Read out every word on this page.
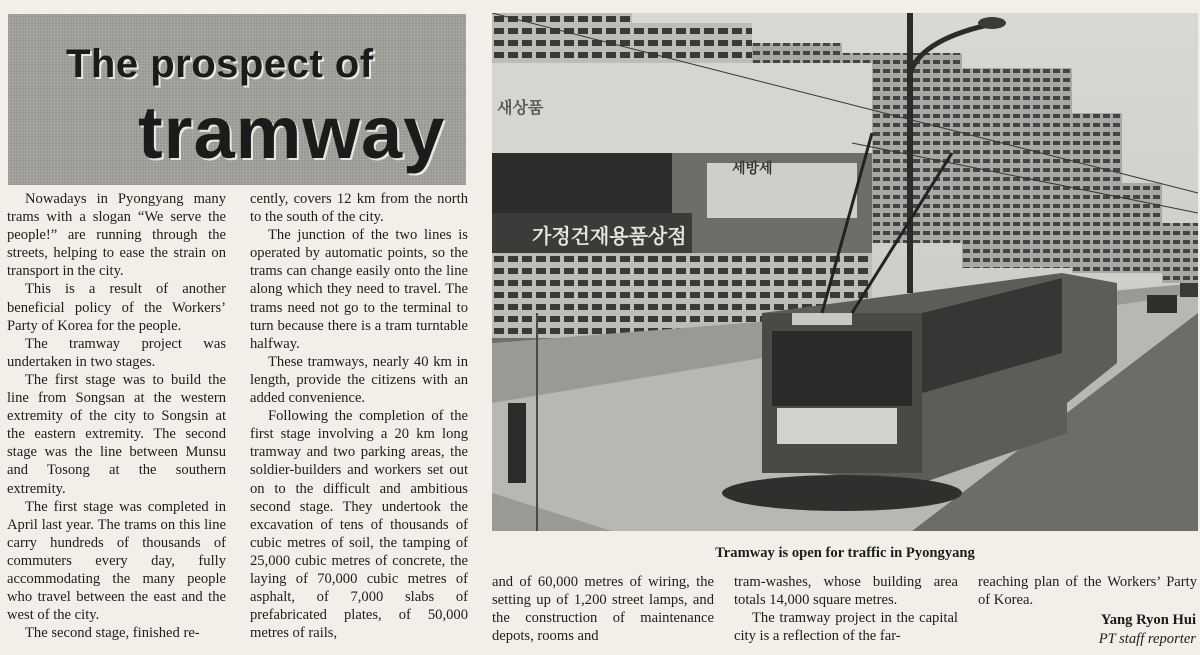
The prospect of
tramway

Nowadays in Pyongyang many trams with a slogan “We serve the people!” are running through the streets, helping to ease the strain on transport in the city.

This is a result of another beneficial policy of the Workers’ Party of Korea for the people.

The tramway project was undertaken in two stages.

The first stage was to build the line from Songsan at the western extremity of the city to Songsin at the eastern extremity. The second stage was the line between Munsu and Tosong at the southern extremity.

The first stage was completed in April last year. The trams on this line carry hundreds of thousands of commuters every day, fully accommodating the many people who travel between the east and the west of the city.

The second stage, finished re-

cently, covers 12 km from the north to the south of the city.

The junction of the two lines is operated by automatic points, so the trams can change easily onto the line along which they need to travel. The trams need not go to the terminal to turn because there is a tram turntable halfway.

These tramways, nearly 40 km in length, provide the citizens with an added convenience.

Following the completion of the first stage involving a 20 km long tramway and two parking areas, the soldier-builders and workers set out on to the difficult and ambitious second stage. They undertook the excavation of tens of thousands of cubic metres of soil, the tamping of 25,000 cubic metres of concrete, the laying of 70,000 cubic metres of asphalt, of 7,000 slabs of prefabricated plates, of 50,000 metres of rails,

가정건재용품상점
세방세
새상품
Tramway is open for traffic in Pyongyang

and of 60,000 metres of wiring, the setting up of 1,200 street lamps, and the construction of maintenance depots, rooms and

tram-washes, whose building area totals 14,000 square metres.

The tramway project in the capital city is a reflection of the far-

reaching plan of the Workers’ Party of Korea.

Yang Ryon Hui
PT staff reporter
